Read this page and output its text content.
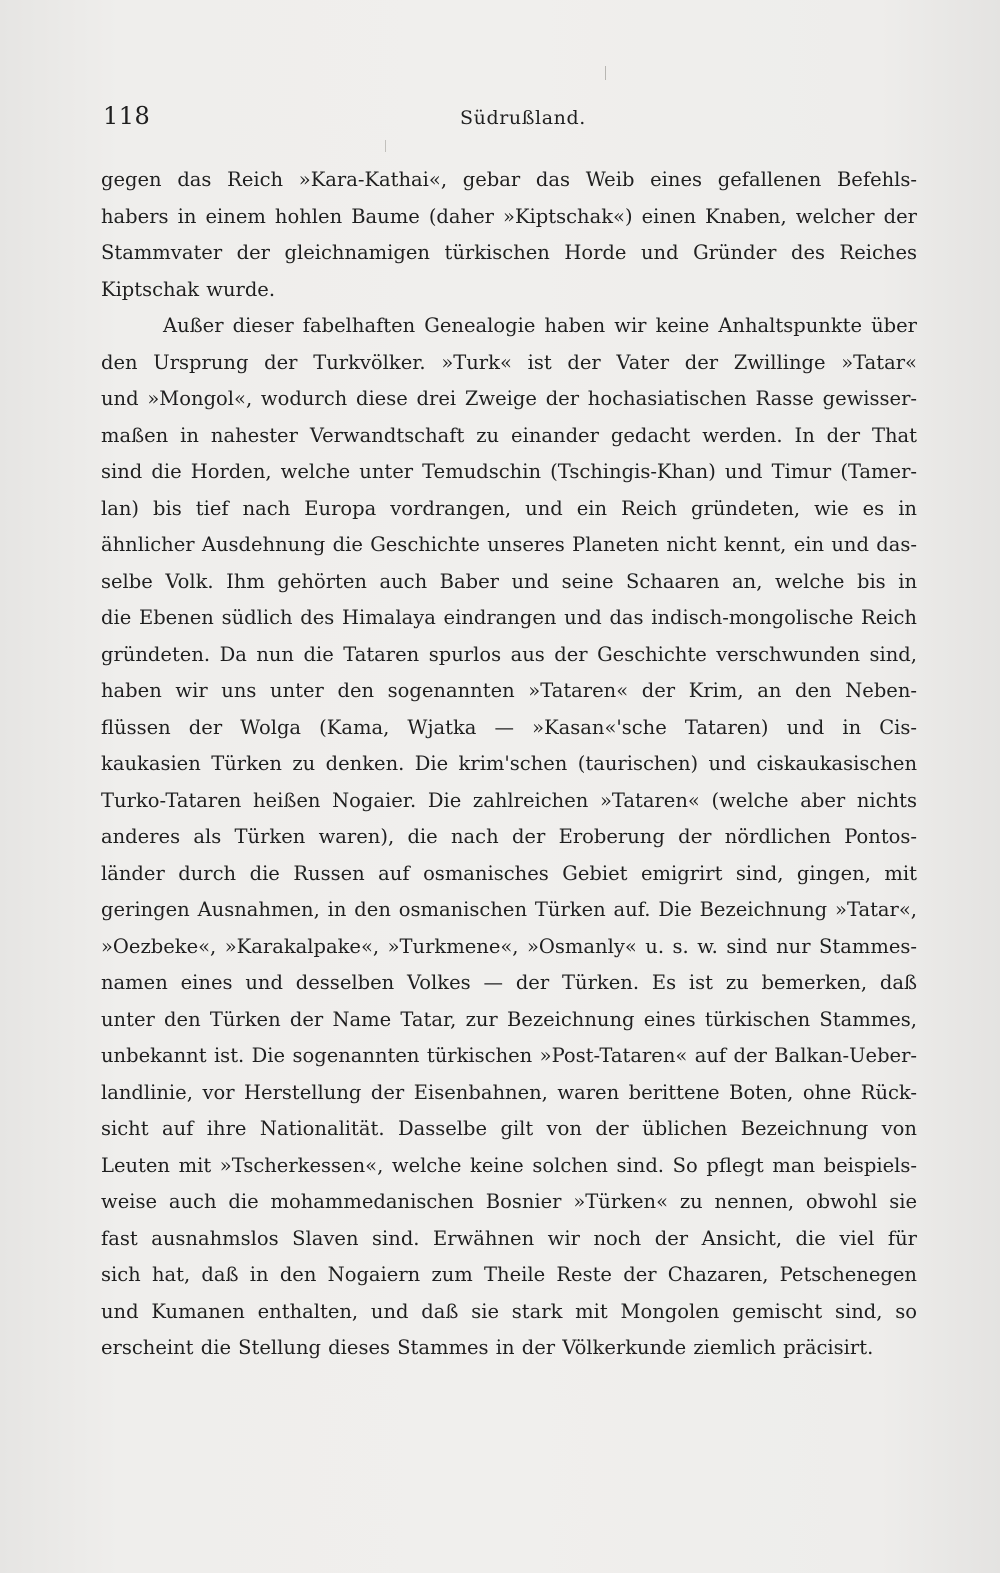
118	Südrußland.
gegen das Reich »Kara-Kathai«, gebar das Weib eines gefallenen Befehls-
habers in einem hohlen Baume (daher »Kiptschak«) einen Knaben, welcher der
Stammvater der gleichnamigen türkischen Horde und Gründer des Reiches
Kiptschak wurde.
Außer dieser fabelhaften Genealogie haben wir keine Anhaltspunkte über
den Ursprung der Turkvölker. »Turk« ist der Vater der Zwillinge »Tatar«
und »Mongol«, wodurch diese drei Zweige der hochasiatischen Rasse gewisser-
maßen in nahester Verwandtschaft zu einander gedacht werden. In der That
sind die Horden, welche unter Temudschin (Tschingis-Khan) und Timur (Tamer-
lan) bis tief nach Europa vordrangen, und ein Reich gründeten, wie es in
ähnlicher Ausdehnung die Geschichte unseres Planeten nicht kennt, ein und das-
selbe Volk. Ihm gehörten auch Baber und seine Schaaren an, welche bis in
die Ebenen südlich des Himalaya eindrangen und das indisch-mongolische Reich
gründeten. Da nun die Tataren spurlos aus der Geschichte verschwunden sind,
haben wir uns unter den sogenannten »Tataren« der Krim, an den Neben-
flüssen der Wolga (Kama, Wjatka — »Kasan«'sche Tataren) und in Cis-
kaukasien Türken zu denken. Die krim'schen (taurischen) und ciskaukasischen
Turko-Tataren heißen Nogaier. Die zahlreichen »Tataren« (welche aber nichts
anderes als Türken waren), die nach der Eroberung der nördlichen Pontos-
länder durch die Russen auf osmanisches Gebiet emigrirt sind, gingen, mit
geringen Ausnahmen, in den osmanischen Türken auf. Die Bezeichnung »Tatar«,
»Oezbeke«, »Karakalpake«, »Turkmene«, »Osmanly« u. s. w. sind nur Stammes-
namen eines und desselben Volkes — der Türken. Es ist zu bemerken, daß
unter den Türken der Name Tatar, zur Bezeichnung eines türkischen Stammes,
unbekannt ist. Die sogenannten türkischen »Post-Tataren« auf der Balkan-Ueber-
landlinie, vor Herstellung der Eisenbahnen, waren berittene Boten, ohne Rück-
sicht auf ihre Nationalität. Dasselbe gilt von der üblichen Bezeichnung von
Leuten mit »Tscherkessen«, welche keine solchen sind. So pflegt man beispiels-
weise auch die mohammedanischen Bosnier »Türken« zu nennen, obwohl sie
fast ausnahmslos Slaven sind. Erwähnen wir noch der Ansicht, die viel für
sich hat, daß in den Nogaiern zum Theile Reste der Chazaren, Petschenegen
und Kumanen enthalten, und daß sie stark mit Mongolen gemischt sind, so
erscheint die Stellung dieses Stammes in der Völkerkunde ziemlich präcisirt.
